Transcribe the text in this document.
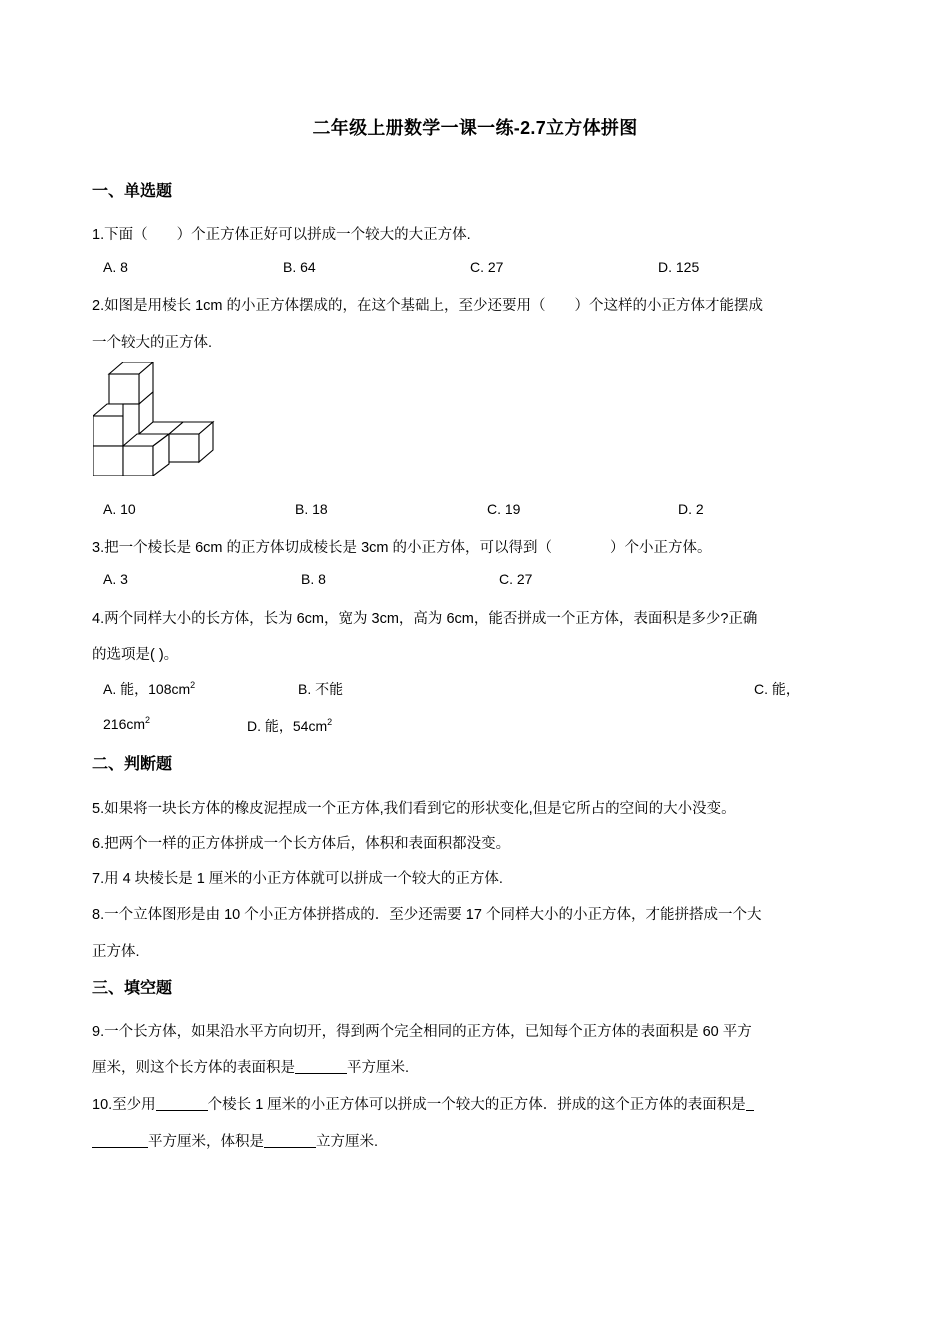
二年级上册数学一课一练-2.7立方体拼图
一、单选题
1.下面（　　）个正方体正好可以拼成一个较大的大正方体.
A. 8	B. 64	C. 27	D. 125
2.如图是用棱长 1cm 的小正方体摆成的，在这个基础上，至少还要用（　　）个这样的小正方体才能摆成
一个较大的正方体.
A. 10	B. 18	C. 19	D. 2
3.把一个棱长是 6cm 的正方体切成棱长是 3cm 的小正方体，可以得到（　　　　）个小正方体。
A. 3	B. 8	C. 27
4.两个同样大小的长方体，长为 6cm，宽为 3cm，高为 6cm，能否拼成一个正方体，表面积是多少?正确
的选项是( )。
A. 能，$108cm^2$	B. 不能	C. 能，
$216cm^2$	D. 能，$54cm^2$
二、判断题
5.如果将一块长方体的橡皮泥捏成一个正方体,我们看到它的形状变化,但是它所占的空间的大小没变。
6.把两个一样的正方体拼成一个长方体后，体积和表面积都没变。
7.用 4 块棱长是 1 厘米的小正方体就可以拼成一个较大的正方体.
8.一个立体图形是由 10 个小正方体拼搭成的．至少还需要 17 个同样大小的小正方体，才能拼搭成一个大
正方体.
三、填空题
9.一个长方体，如果沿水平方向切开，得到两个完全相同的正方体，已知每个正方体的表面积是 60 平方
厘米，则这个长方体的表面积是	平方厘米.
10.至少用	个棱长 1 厘米的小正方体可以拼成一个较大的正方体．拼成的这个正方体的表面积是
平方厘米，体积是	立方厘米.
